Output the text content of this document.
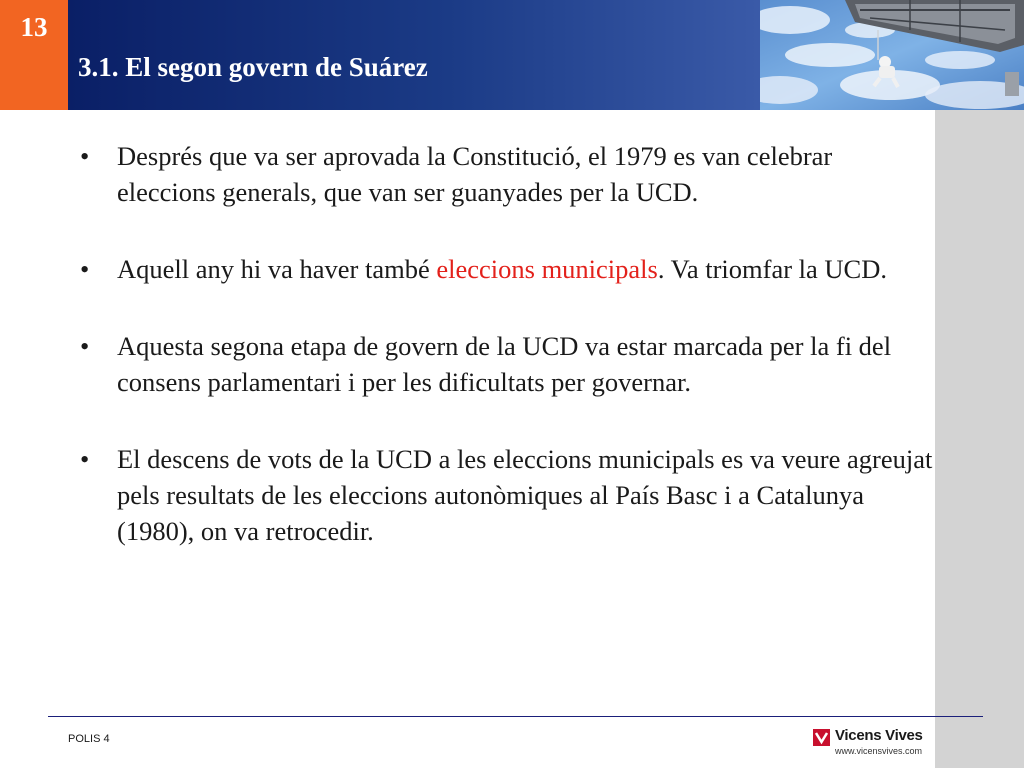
13
3.1. El segon govern de Suárez
•	Després que va ser aprovada la Constitució, el 1979 es van celebrar eleccions generals, que van ser guanyades per la UCD.
•	Aquell any hi va haver també eleccions municipals. Va triomfar la UCD.
•	Aquesta segona etapa de govern de la UCD va estar marcada per la fi del consens parlamentari i per les dificultats per governar.
•	El descens de vots de la UCD a les eleccions municipals es va veure agreujat pels resultats de les eleccions autonòmiques al País Basc i a Catalunya (1980), on va retrocedir.
POLIS 4	Vicens Vives
www.vicensvives.com
